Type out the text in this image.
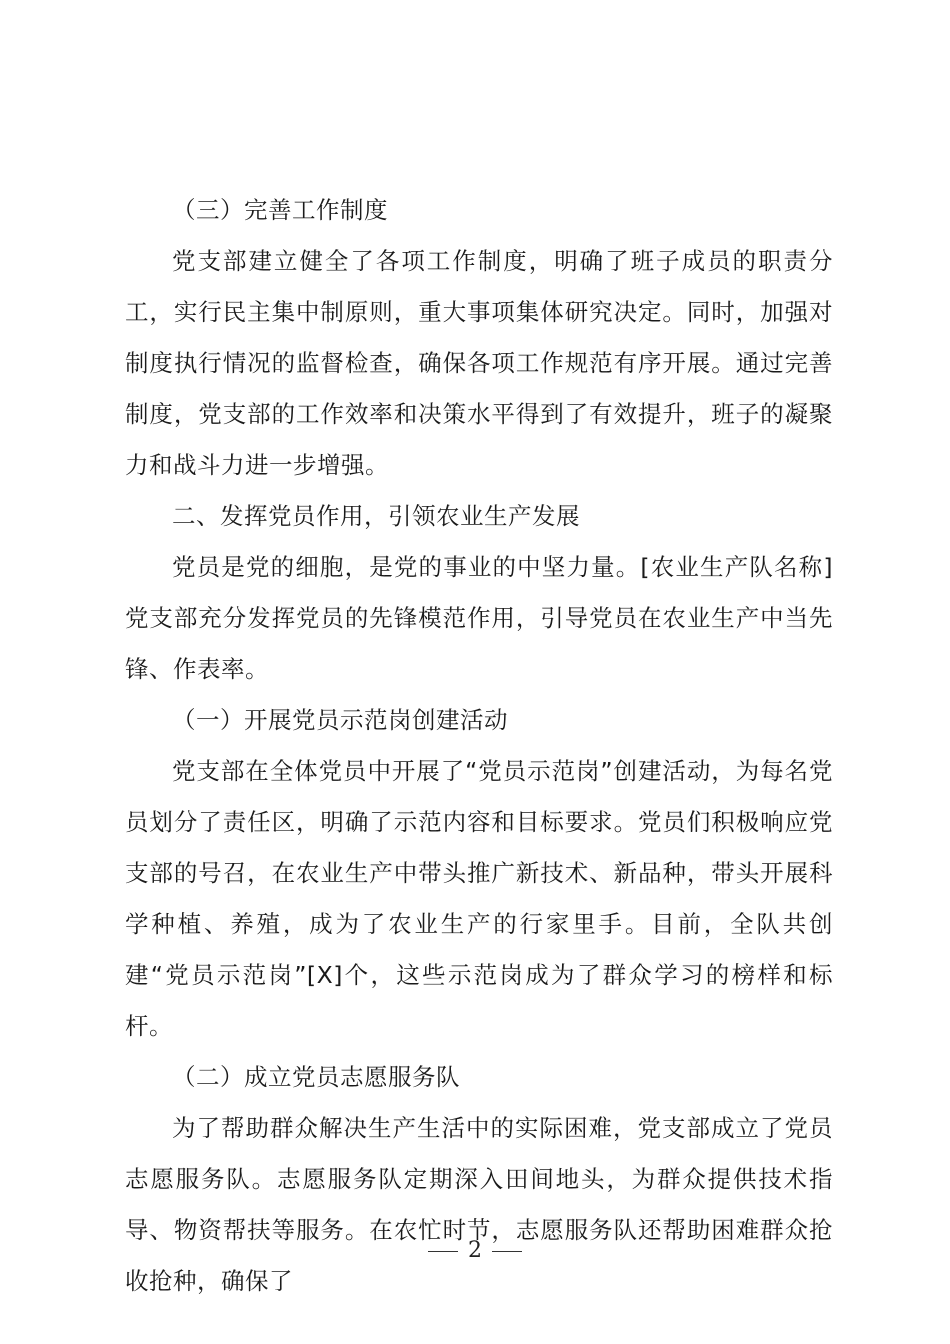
（三）完善工作制度

党支部建立健全了各项工作制度，明确了班子成员的职责分工，实行民主集中制原则，重大事项集体研究决定。同时，加强对制度执行情况的监督检查，确保各项工作规范有序开展。通过完善制度，党支部的工作效率和决策水平得到了有效提升，班子的凝聚力和战斗力进一步增强。

二、发挥党员作用，引领农业生产发展

党员是党的细胞，是党的事业的中坚力量。[农业生产队名称]党支部充分发挥党员的先锋模范作用，引导党员在农业生产中当先锋、作表率。

（一）开展党员示范岗创建活动

党支部在全体党员中开展了“党员示范岗”创建活动，为每名党员划分了责任区，明确了示范内容和目标要求。党员们积极响应党支部的号召，在农业生产中带头推广新技术、新品种，带头开展科学种植、养殖，成为了农业生产的行家里手。目前，全队共创建“党员示范岗”[X]个，这些示范岗成为了群众学习的榜样和标杆。

（二）成立党员志愿服务队

为了帮助群众解决生产生活中的实际困难，党支部成立了党员志愿服务队。志愿服务队定期深入田间地头，为群众提供技术指导、物资帮扶等服务。在农忙时节，志愿服务队还帮助困难群众抢收抢种，确保了

2
